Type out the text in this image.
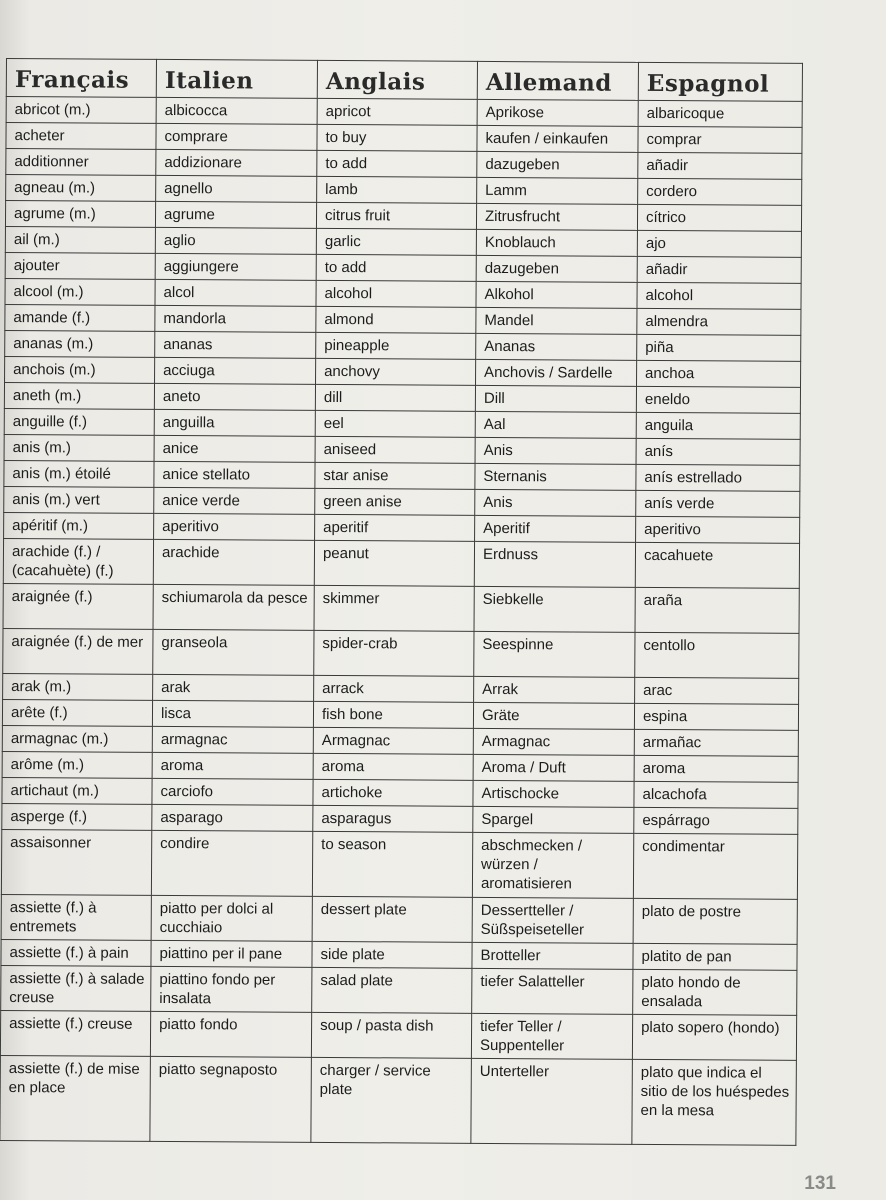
Français	Italien	Anglais	Allemand	Espagnol
abricot (m.)	albicocca	apricot	Aprikose	albaricoque
acheter	comprare	to buy	kaufen / einkaufen	comprar
additionner	addizionare	to add	dazugeben	añadir
agneau (m.)	agnello	lamb	Lamm	cordero
agrume (m.)	agrume	citrus fruit	Zitrusfrucht	cítrico
ail (m.)	aglio	garlic	Knoblauch	ajo
ajouter	aggiungere	to add	dazugeben	añadir
alcool (m.)	alcol	alcohol	Alkohol	alcohol
amande (f.)	mandorla	almond	Mandel	almendra
ananas (m.)	ananas	pineapple	Ananas	piña
anchois (m.)	acciuga	anchovy	Anchovis / Sardelle	anchoa
aneth (m.)	aneto	dill	Dill	eneldo
anguille (f.)	anguilla	eel	Aal	anguila
anis (m.)	anice	aniseed	Anis	anís
anis (m.) étoilé	anice stellato	star anise	Sternanis	anís estrellado
anis (m.) vert	anice verde	green anise	Anis	anís verde
apéritif (m.)	aperitivo	aperitif	Aperitif	aperitivo
arachide (f.) / (cacahuète) (f.)	arachide	peanut	Erdnuss	cacahuete
araignée (f.)	schiumarola da pesce	skimmer	Siebkelle	araña
araignée (f.) de mer	granseola	spider-crab	Seespinne	centollo
arak (m.)	arak	arrack	Arrak	arac
arête (f.)	lisca	fish bone	Gräte	espina
armagnac (m.)	armagnac	Armagnac	Armagnac	armañac
arôme (m.)	aroma	aroma	Aroma / Duft	aroma
artichaut (m.)	carciofo	artichoke	Artischocke	alcachofa
asperge (f.)	asparago	asparagus	Spargel	espárrago
assaisonner	condire	to season	abschmecken / würzen / aromatisieren	condimentar
assiette (f.) à entremets	piatto per dolci al cucchiaio	dessert plate	Dessertteller / Süßspeiseteller	plato de postre
assiette (f.) à pain	piattino per il pane	side plate	Brotteller	platito de pan
assiette (f.) à salade creuse	piattino fondo per insalata	salad plate	tiefer Salatteller	plato hondo de ensalada
assiette (f.) creuse	piatto fondo	soup / pasta dish	tiefer Teller / Suppenteller	plato sopero (hondo)
assiette (f.) de mise en place	piatto segnaposto	charger / service plate	Unterteller	plato que indica el sitio de los huéspedes en la mesa
131
